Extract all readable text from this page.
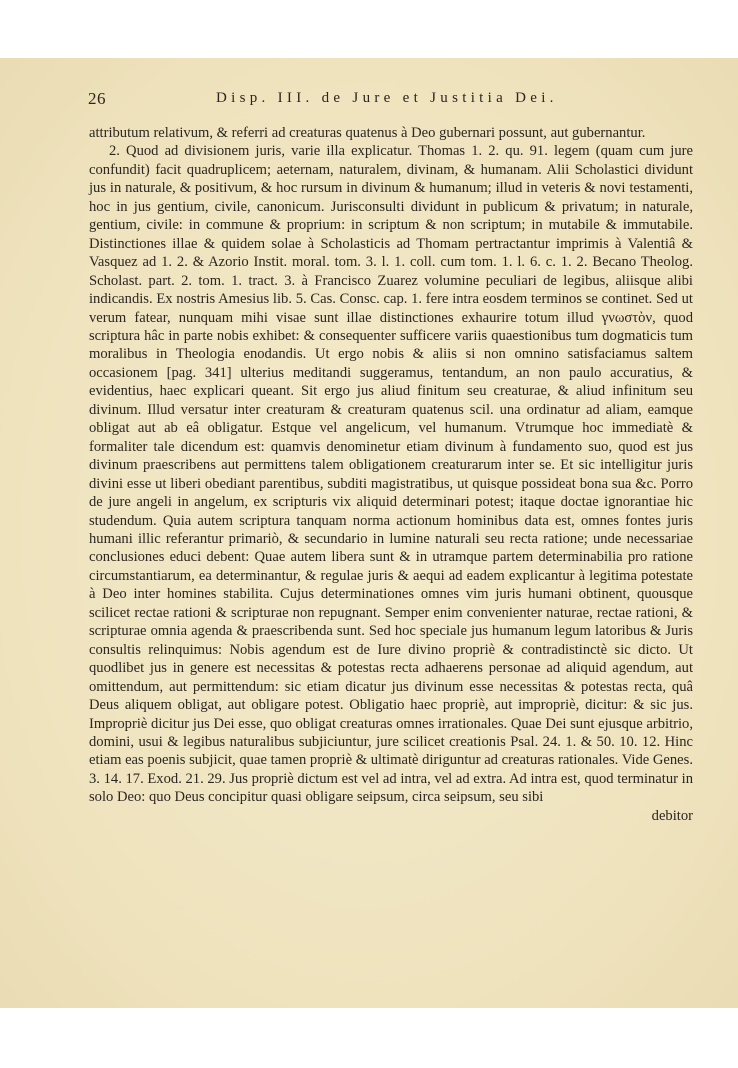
26	Disp. III. de Jure et Justitia Dei.

attributum relativum, & referri ad creaturas quatenus à Deo gubernari possunt, aut gubernantur.

2. Quod ad divisionem juris, varie illa explicatur. Thomas 1. 2. qu. 91. legem (quam cum jure confundit) facit quadruplicem; aeternam, naturalem, divinam, & humanam. Alii Scholastici dividunt jus in naturale, & positivum, & hoc rursum in divinum & humanum; illud in veteris & novi testamenti, hoc in jus gentium, civile, canonicum. Jurisconsulti dividunt in publicum & privatum; in naturale, gentium, civile: in commune & proprium: in scriptum & non scriptum; in mutabile & immutabile. Distinctiones illae & quidem solae à Scholasticis ad Thomam pertractantur imprimis à Valentiâ & Vasquez ad 1. 2. & Azorio Instit. moral. tom. 3. l. 1. coll. cum tom. 1. l. 6. c. 1. 2. Becano Theolog. Scholast. part. 2. tom. 1. tract. 3. à Francisco Zuarez volumine peculiari de legibus, aliisque alibi indicandis. Ex nostris Amesius lib. 5. Cas. Consc. cap. 1. fere intra eosdem terminos se continet. Sed ut verum fatear, nunquam mihi visae sunt illae distinctiones exhaurire totum illud γνωστὸν, quod scriptura hâc in parte nobis exhibet: & consequenter sufficere variis quaestionibus tum dogmaticis tum moralibus in Theologia enodandis. Ut ergo nobis & aliis si non omnino satisfaciamus saltem occasionem [pag. 341] ulterius meditandi suggeramus, tentandum, an non paulo accuratius, & evidentius, haec explicari queant. Sit ergo jus aliud finitum seu creaturae, & aliud infinitum seu divinum. Illud versatur inter creaturam & creaturam quatenus scil. una ordinatur ad aliam, eamque obligat aut ab eâ obligatur. Estque vel angelicum, vel humanum. Vtrumque hoc immediatè & formaliter tale dicendum est: quamvis denominetur etiam divinum à fundamento suo, quod est jus divinum praescribens aut permittens talem obligationem creaturarum inter se. Et sic intelligitur juris divini esse ut liberi obediant parentibus, subditi magistratibus, ut quisque possideat bona sua &c. Porro de jure angeli in angelum, ex scripturis vix aliquid determinari potest; itaque doctae ignorantiae hic studendum. Quia autem scriptura tanquam norma actionum hominibus data est, omnes fontes juris humani illic referantur primariò, & secundario in lumine naturali seu recta ratione; unde necessariae conclusiones educi debent: Quae autem libera sunt & in utramque partem determinabilia pro ratione circumstantiarum, ea determinantur, & regulae juris & aequi ad eadem explicantur à legitima potestate à Deo inter homines stabilita. Cujus determinationes omnes vim juris humani obtinent, quousque scilicet rectae rationi & scripturae non repugnant. Semper enim convenienter naturae, rectae rationi, & scripturae omnia agenda & praescribenda sunt. Sed hoc speciale jus humanum legum latoribus & Juris consultis relinquimus: Nobis agendum est de Iure divino propriè & contradistinctè sic dicto. Ut quodlibet jus in genere est necessitas & potestas recta adhaerens personae ad aliquid agendum, aut omittendum, aut permittendum: sic etiam dicatur jus divinum esse necessitas & potestas recta, quâ Deus aliquem obligat, aut obligare potest. Obligatio haec propriè, aut impropriè, dicitur: & sic jus. Impropriè dicitur jus Dei esse, quo obligat creaturas omnes irrationales. Quae Dei sunt ejusque arbitrio, domini, usui & legibus naturalibus subjiciuntur, jure scilicet creationis Psal. 24. 1. & 50. 10. 12. Hinc etiam eas poenis subjicit, quae tamen propriè & ultimatè diriguntur ad creaturas rationales. Vide Genes. 3. 14. 17. Exod. 21. 29. Jus propriè dictum est vel ad intra, vel ad extra. Ad intra est, quod terminatur in solo Deo: quo Deus concipitur quasi obligare seipsum, circa seipsum, seu sibi

debitor
